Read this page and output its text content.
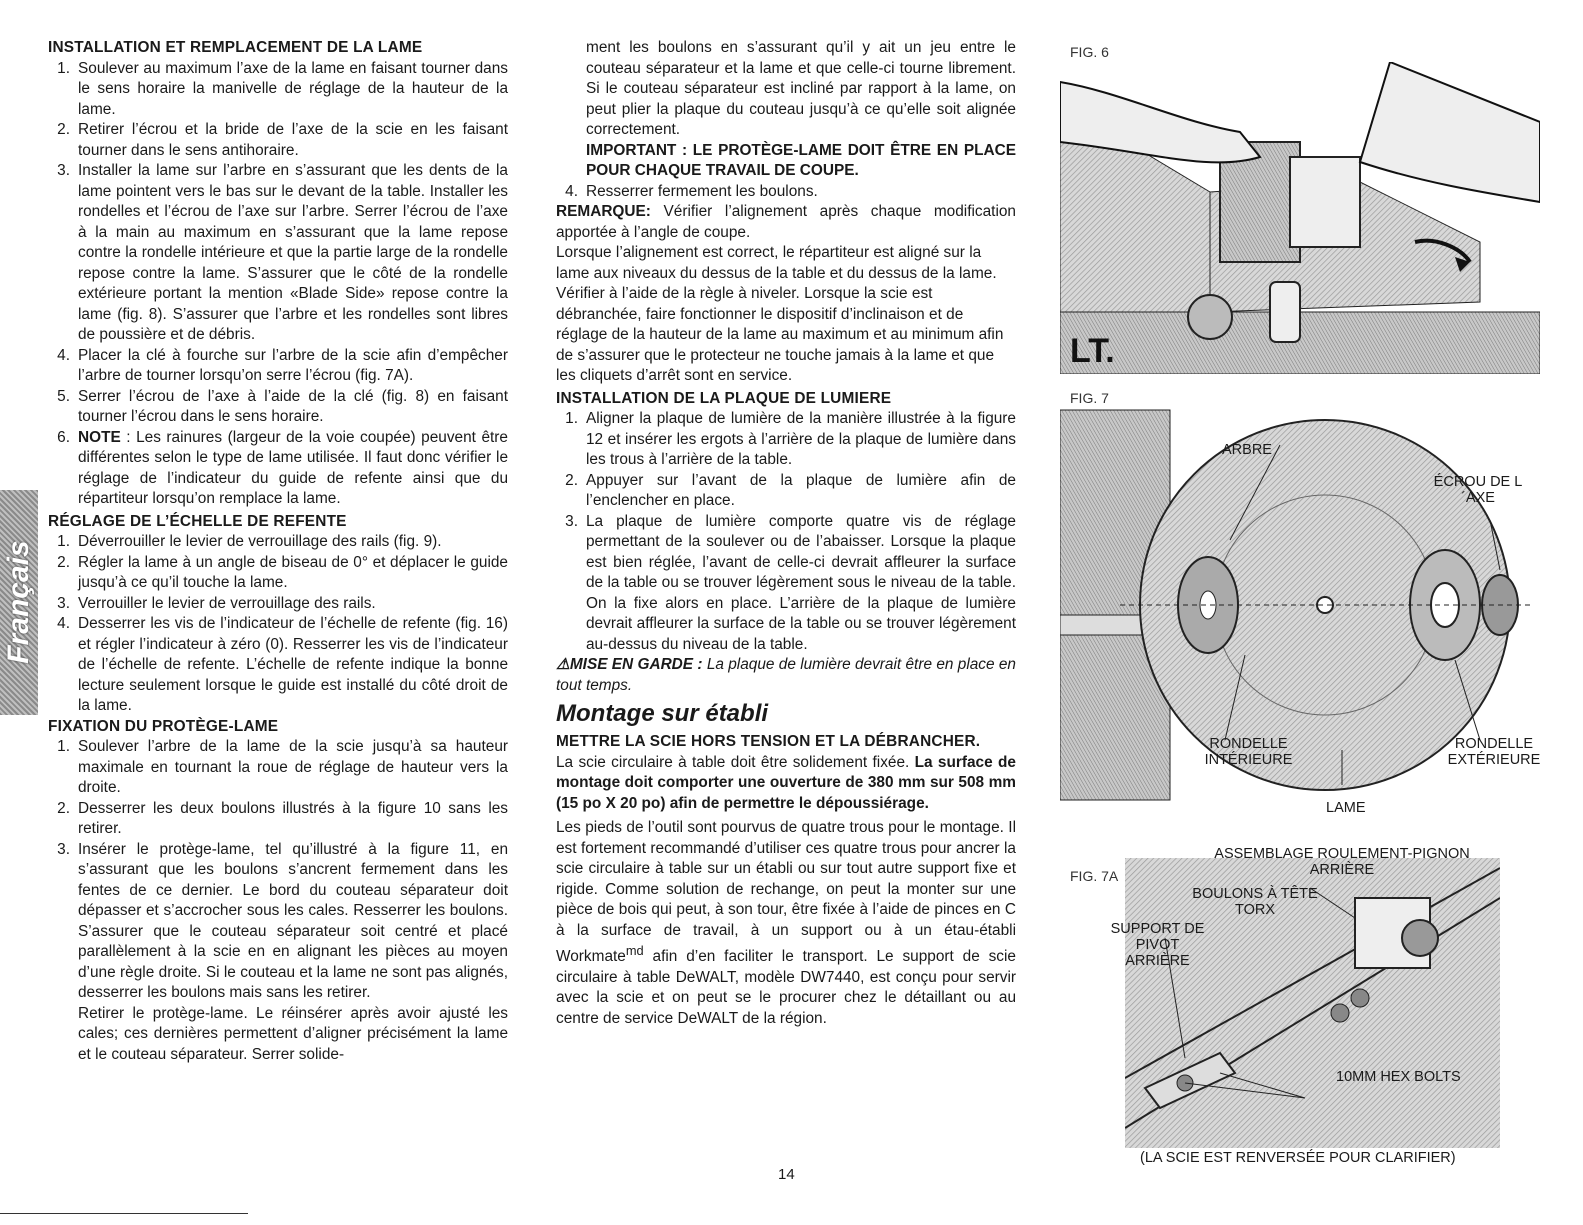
Français
INSTALLATION ET REMPLACEMENT DE LA LAME
1. Soulever au maximum l’axe de la lame en faisant tourner dans le sens horaire la manivelle de réglage de la hauteur de la lame.
2. Retirer l’écrou et la bride de l’axe de la scie en les faisant tourner dans le sens antihoraire.
3. Installer la lame sur l’arbre en s’assurant que les dents de la lame pointent vers le bas sur le devant de la table. Installer les rondelles et l’écrou de l’axe sur l’arbre. Serrer l’écrou de l’axe à la main au maximum en s’assurant que la lame repose contre la rondelle intérieure et que la partie large de la rondelle repose contre la lame. S’assurer que le côté de la rondelle extérieure portant la mention «Blade Side» repose contre la lame (fig. 8). S’assurer que l’arbre et les rondelles sont libres de poussière et de débris.
4. Placer la clé à fourche sur l’arbre de la scie afin d’empêcher l’arbre de tourner lorsqu’on serre l’écrou (fig. 7A).
5. Serrer l’écrou de l’axe à l’aide de la clé (fig. 8) en faisant tourner l’écrou dans le sens horaire.
6. NOTE : Les rainures (largeur de la voie coupée) peuvent être différentes selon le type de lame utilisée. Il faut donc vérifier le réglage de l’indicateur du guide de refente ainsi que du répartiteur lorsqu’on remplace la lame.
RÉGLAGE DE L’ÉCHELLE DE REFENTE
1. Déverrouiller le levier de verrouillage des rails (fig. 9).
2. Régler la lame à un angle de biseau de 0° et déplacer le guide jusqu’à ce qu’il touche la lame.
3. Verrouiller le levier de verrouillage des rails.
4. Desserrer les vis de l’indicateur de l’échelle de refente (fig. 16) et régler l’indicateur à zéro (0). Resserrer les vis de l’indicateur de l’échelle de refente. L’échelle de refente indique la bonne lecture seulement lorsque le guide est installé du côté droit de la lame.
FIXATION DU PROTÈGE-LAME
1. Soulever l’arbre de la lame de la scie jusqu’à sa hauteur maximale en tournant la roue de réglage de hauteur vers la droite.
2. Desserrer les deux boulons illustrés à la figure 10 sans les retirer.
3. Insérer le protège-lame, tel qu’illustré à la figure 11, en s’assurant que les boulons s’ancrent fermement dans les fentes de ce dernier. Le bord du couteau séparateur doit dépasser et s’accrocher sous les cales. Resserrer les boulons. S’assurer que le couteau séparateur soit centré et placé parallèlement à la scie en en alignant les pièces au moyen d’une règle droite. Si le couteau et la lame ne sont pas alignés, desserrer les boulons mais sans les retirer.

Retirer le protège-lame. Le réinsérer après avoir ajusté les cales; ces dernières permettent d’aligner précisément la lame et le couteau séparateur. Serrer solide-

ment les boulons en s’assurant qu’il y ait un jeu entre le couteau séparateur et la lame et que celle-ci tourne librement. Si le couteau séparateur est incliné par rapport à la lame, on peut plier la plaque du couteau jusqu’à ce qu’elle soit alignée correctement.

IMPORTANT : LE PROTÈGE-LAME DOIT ÊTRE EN PLACE POUR CHAQUE TRAVAIL DE COUPE.

4. Resserrer fermement les boulons.

REMARQUE: Vérifier l’alignement après chaque modification apportée à l’angle de coupe.

Lorsque l’alignement est correct, le répartiteur est aligné sur la lame aux niveaux du dessus de la table et du dessus de la lame. Vérifier à l’aide de la règle à niveler. Lorsque la scie est débranchée, faire fonctionner le dispositif d’inclinaison et de réglage de la hauteur de la lame au maximum et au minimum afin de s’assurer que le protecteur ne touche jamais à la lame et que les cliquets d’arrêt sont en service.

INSTALLATION DE LA PLAQUE DE LUMIERE
1. Aligner la plaque de lumière de la manière illustrée à la figure 12 et insérer les ergots à l’arrière de la plaque de lumière dans les trous à l’arrière de la table.
2. Appuyer sur l’avant de la plaque de lumière afin de l’enclencher en place.
3. La plaque de lumière comporte quatre vis de réglage permettant de la soulever ou de l’abaisser. Lorsque la plaque est bien réglée, l’avant de celle-ci devrait affleurer la surface de la table ou se trouver légèrement sous le niveau de la table. On la fixe alors en place. L’arrière de la plaque de lumière devrait affleurer la surface de la table ou se trouver légèrement au-dessus du niveau de la table.

⚠MISE EN GARDE : La plaque de lumière devrait être en place en tout temps.

Montage sur établi
METTRE LA SCIE HORS TENSION ET LA DÉBRANCHER.

La scie circulaire à table doit être solidement fixée. La surface de montage doit comporter une ouverture de 380 mm sur 508 mm (15 po X 20 po) afin de permettre le dépoussiérage.

Les pieds de l’outil sont pourvus de quatre trous pour le montage. Il est fortement recommandé d’utiliser ces quatre trous pour ancrer la scie circulaire à table sur un établi ou sur tout autre support fixe et rigide. Comme solution de rechange, on peut la monter sur une pièce de bois qui peut, à son tour, être fixée à l’aide de pinces en C à la surface de travail, à un support ou à un étau-établi Workmate$^{md}$ afin d’en faciliter le transport. Le support de scie circulaire à table DeWALT, modèle DW7440, est conçu pour servir avec la scie et on peut se le procurer chez le détaillant ou au centre de service DeWALT de la région.

FIG. 6
LT.
FIG. 7
ARBRE
ÉCROU DE L´AXE
RONDELLE INTÉRIEURE
RONDELLE EXTÉRIEURE
LAME
FIG. 7A
ASSEMBLAGE ROULEMENT-PIGNON ARRIÈRE
BOULONS À TÊTE TORX
SUPPORT DE PIVOT ARRIÈRE
10MM HEX BOLTS
(LA SCIE EST RENVERSÉE POUR CLARIFIER)
14
